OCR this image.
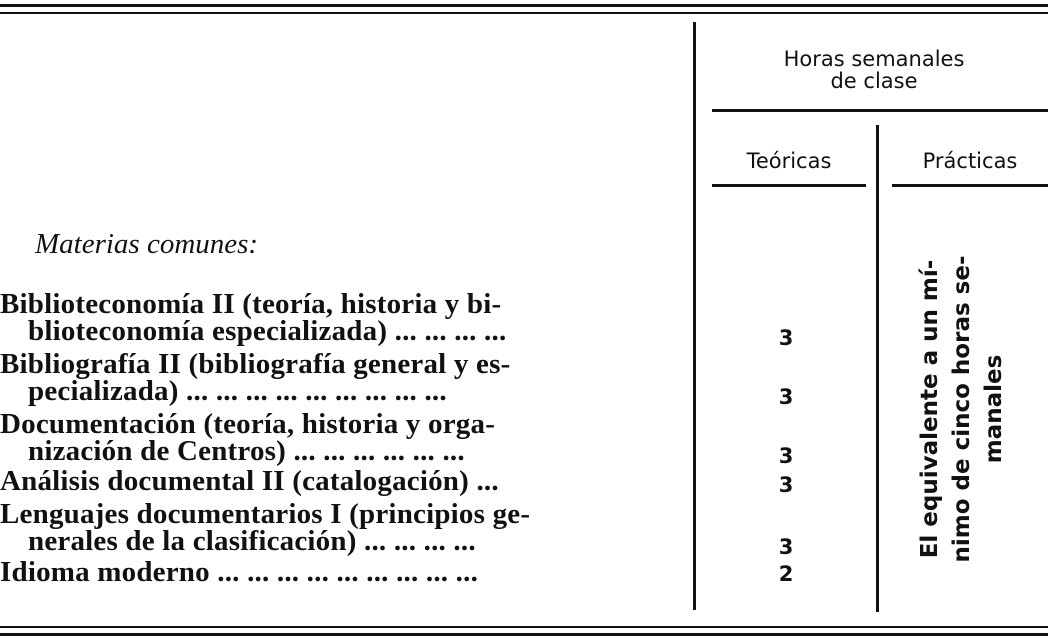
Horas semanales
de clase
Teóricas	Prácticas
Materias comunes:
Biblioteconomía II (teoría, historia y bi-
blioteconomía especializada) ... ... ... ...	3
Bibliografía II (bibliografía general y es-
pecializada) ... ... ... ... ... ... ... ... ...	3
Documentación (teoría, historia y orga-
nización de Centros) ... ... ... ... ... ...	3
Análisis documental II (catalogación) ...	3
Lenguajes documentarios I (principios ge-
nerales de la clasificación) ... ... ... ...	3
Idioma moderno ... ... ... ... ... ... ... ... ...	2
El equivalente a un mí- nimo de cinco horas se- manales
